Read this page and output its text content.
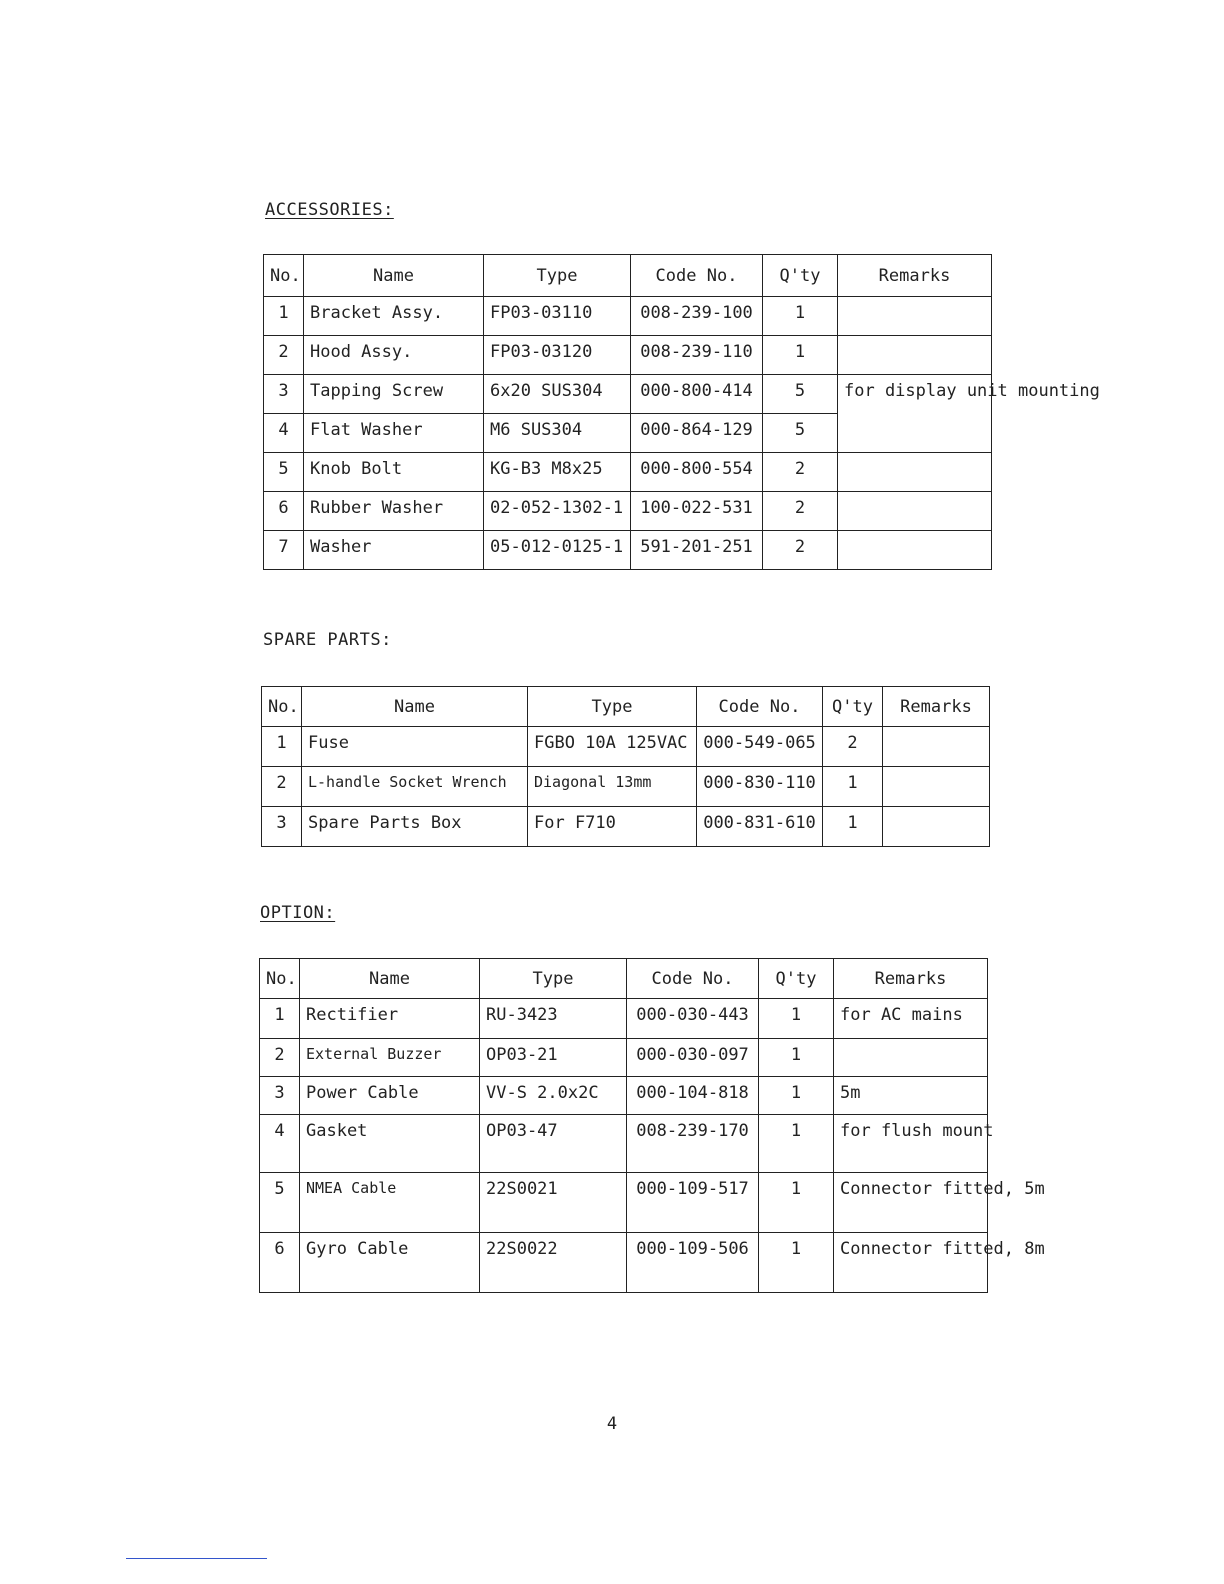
ACCESSORIES:
No.	Name	Type	Code No.	Q'ty	Remarks
1	Bracket Assy.	FP03-03110	008-239-100	1	
2	Hood Assy.	FP03-03120	008-239-110	1	
3	Tapping Screw	6x20 SUS304	000-800-414	5	for display unit mounting
4	Flat Washer	M6 SUS304	000-864-129	5	
5	Knob Bolt	KG-B3 M8x25	000-800-554	2	
6	Rubber Washer	02-052-1302-1	100-022-531	2	
7	Washer	05-012-0125-1	591-201-251	2	
SPARE PARTS:
No.	Name	Type	Code No.	Q'ty	Remarks
1	Fuse	FGBO 10A 125VAC	000-549-065	2	
2	L-handle Socket Wrench	Diagonal 13mm	000-830-110	1	
3	Spare Parts Box	For F710	000-831-610	1	
OPTION:
No.	Name	Type	Code No.	Q'ty	Remarks
1	Rectifier	RU-3423	000-030-443	1	for AC mains
2	External Buzzer	OP03-21	000-030-097	1	
3	Power Cable	VV-S 2.0x2C	000-104-818	1	5m
4	Gasket	OP03-47	008-239-170	1	for flush mount
5	NMEA Cable	22S0021	000-109-517	1	Connector fitted, 5m
6	Gyro Cable	22S0022	000-109-506	1	Connector fitted, 8m
4
